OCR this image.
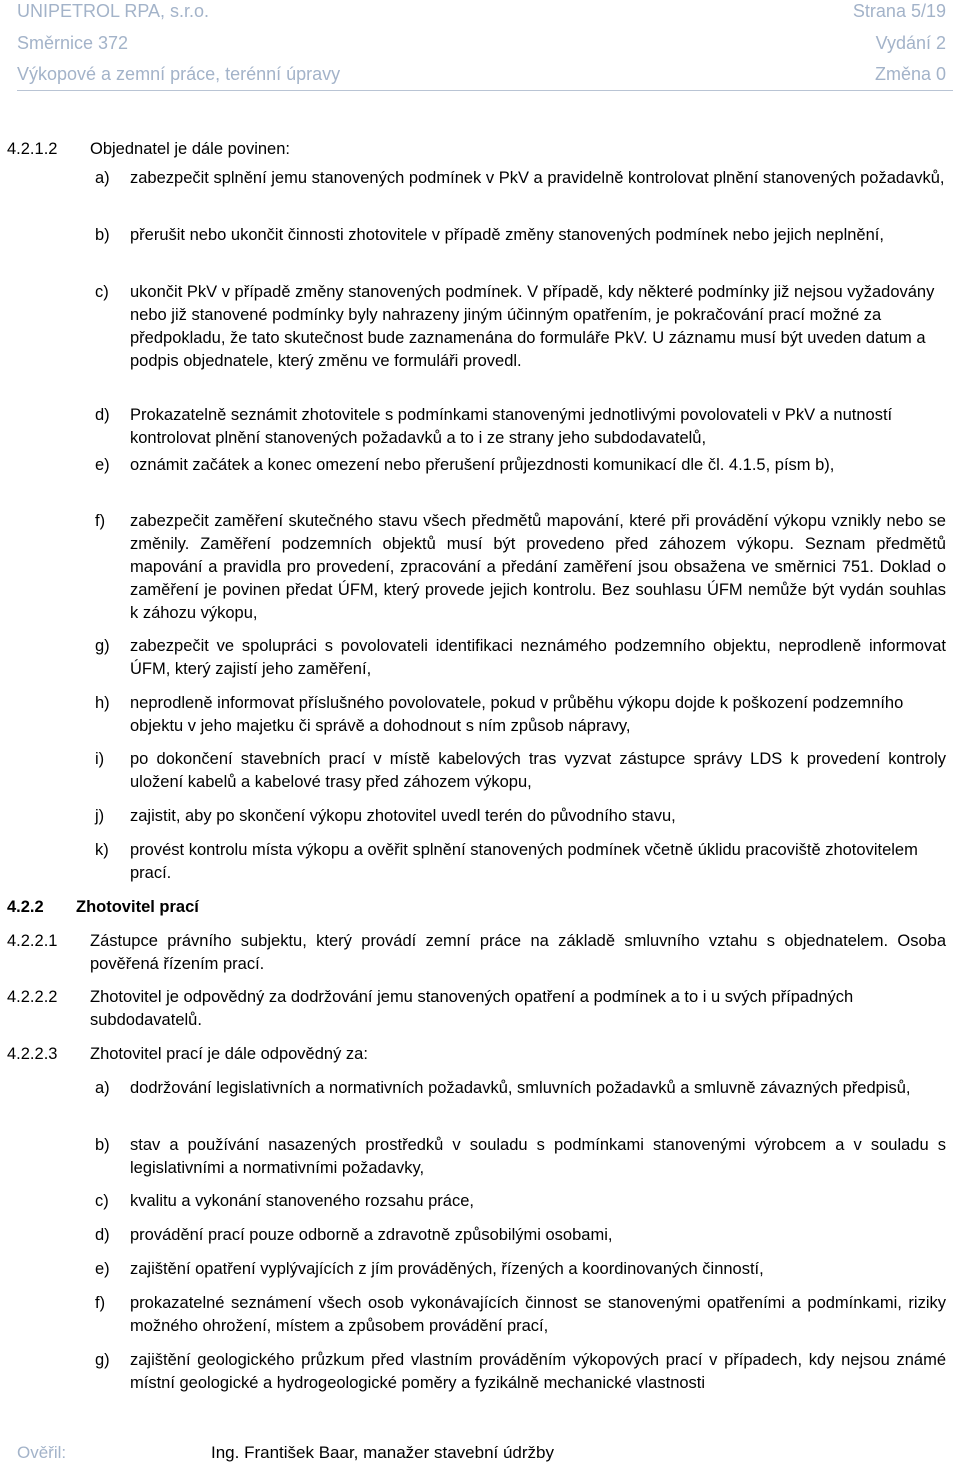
UNIPETROL RPA, s.r.o.	Strana 5/19
Směrnice 372	Vydání 2
Výkopové a zemní práce, terénní úpravy	Změna 0
4.2.1.2 Objednatel je dále povinen:
a) zabezpečit splnění jemu stanovených podmínek v PkV a pravidelně kontrolovat plnění stanovených požadavků,
b) přerušit nebo ukončit činnosti zhotovitele v případě změny stanovených podmínek nebo jejich neplnění,
c) ukončit PkV v případě změny stanovených podmínek. V případě, kdy některé podmínky již nejsou vyžadovány nebo již stanovené podmínky byly nahrazeny jiným účinným opatřením, je pokračování prací možné za předpokladu, že tato skutečnost bude zaznamenána do formuláře PkV. U záznamu musí být uveden datum a podpis objednatele, který změnu ve formuláři provedl.
d) Prokazatelně seznámit zhotovitele s podmínkami stanovenými jednotlivými povolovateli v PkV a nutností kontrolovat plnění stanovených požadavků a to i ze strany jeho subdodavatelů,
e) oznámit začátek a konec omezení nebo přerušení průjezdnosti komunikací dle čl. 4.1.5, písm b),
f) zabezpečit zaměření skutečného stavu všech předmětů mapování, které při provádění výkopu vznikly nebo se změnily. Zaměření podzemních objektů musí být provedeno před záhozem výkopu. Seznam předmětů mapování a pravidla pro provedení, zpracování a předání zaměření jsou obsažena ve směrnici 751. Doklad o zaměření je povinen předat ÚFM, který provede jejich kontrolu. Bez souhlasu ÚFM nemůže být vydán souhlas k záhozu výkopu,
g) zabezpečit ve spolupráci s povolovateli identifikaci neznámého podzemního objektu, neprodleně informovat ÚFM, který zajistí jeho zaměření,
h) neprodleně informovat příslušného povolovatele, pokud v průběhu výkopu dojde k poškození podzemního objektu v jeho majetku či správě a dohodnout s ním způsob nápravy,
i) po dokončení stavebních prací v místě kabelových tras vyzvat zástupce správy LDS k provedení kontroly uložení kabelů a kabelové trasy před záhozem výkopu,
j) zajistit, aby po skončení výkopu zhotovitel uvedl terén do původního stavu,
k) provést kontrolu místa výkopu a ověřit splnění stanovených podmínek včetně úklidu pracoviště zhotovitelem prací.
4.2.2 Zhotovitel prací
4.2.2.1 Zástupce právního subjektu, který provádí zemní práce na základě smluvního vztahu s objednatelem. Osoba pověřená řízením prací.
4.2.2.2 Zhotovitel je odpovědný za dodržování jemu stanovených opatření a podmínek a to i u svých případných subdodavatelů.
4.2.2.3 Zhotovitel prací je dále odpovědný za:
a) dodržování legislativních a normativních požadavků, smluvních požadavků a smluvně závazných předpisů,
b) stav a používání nasazených prostředků v souladu s podmínkami stanovenými výrobcem a v souladu s legislativními a normativními požadavky,
c) kvalitu a vykonání stanoveného rozsahu práce,
d) provádění prací pouze odborně a zdravotně způsobilými osobami,
e) zajištění opatření vyplývajících z jím prováděných, řízených a koordinovaných činností,
f) prokazatelné seznámení všech osob vykonávajících činnost se stanovenými opatřeními a podmínkami, riziky možného ohrožení, místem a způsobem provádění prací,
g) zajištění geologického průzkum před vlastním prováděním výkopových prací v případech, kdy nejsou známé místní geologické a hydrogeologické poměry a fyzikálně mechanické vlastnosti
Ověřil:	Ing. František Baar, manažer stavební údržby
